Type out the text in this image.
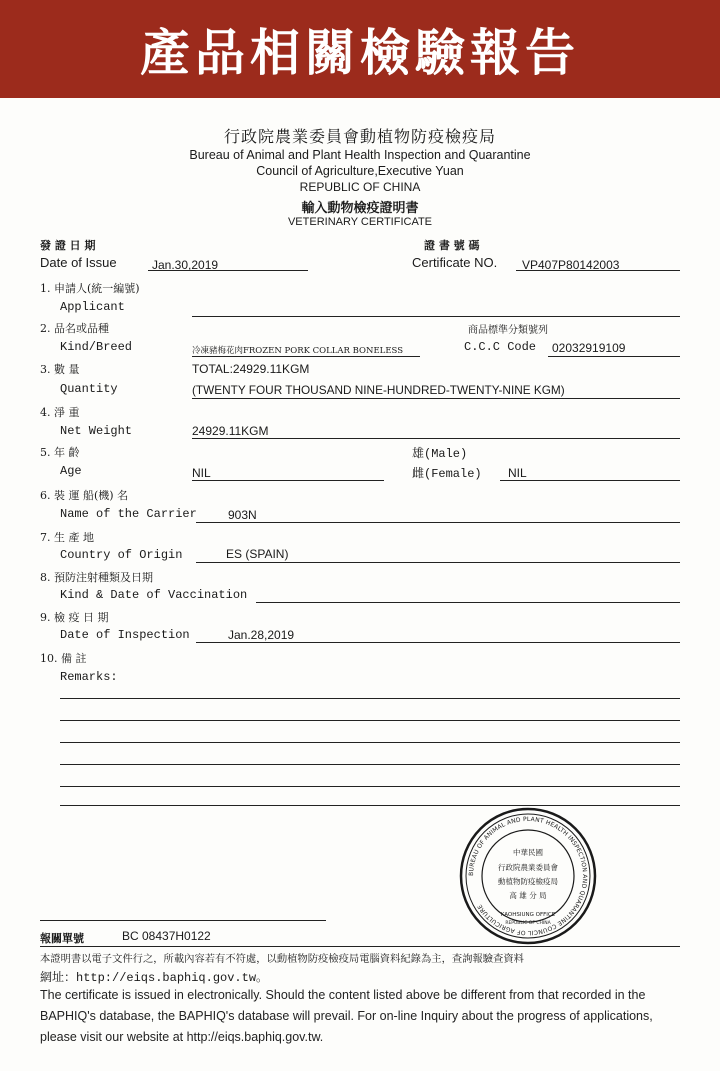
產品相關檢驗報告
行政院農業委員會動植物防疫檢疫局
Bureau of Animal and Plant Health Inspection and Quarantine
Council of Agriculture,Executive Yuan
REPUBLIC OF CHINA
輸入動物檢疫證明書
VETERINARY CERTIFICATE
發 證 日 期
Date of Issue	Jan.30,2019
證 書 號 碼
Certificate NO. VP407P80142003
1. 申請人(統一編號)
Applicant
2. 品名或品種
Kind/Breed	冷凍豬梅花肉FROZEN PORK COLLAR BONELESS
商品標準分類號列
C.C.C Code 02032919109
3. 數 量	TOTAL:24929.11KGM
Quantity	(TWENTY FOUR THOUSAND NINE-HUNDRED-TWENTY-NINE KGM)
4. 淨 重
Net Weight	24929.11KGM
5. 年 齡
Age	NIL
雄(Male)
雌(Female) NIL
6. 裝 運 船(機) 名
Name of the Carrier	903N
7. 生 產 地
Country of Origin	ES (SPAIN)
8. 預防注射種類及日期
Kind & Date of Vaccination
9. 檢 疫 日 期
Date of Inspection	Jan.28,2019
10. 備 註
Remarks:
BUREAU OF ANIMAL AND PLANT HEALTH INSPECTION AND QUARANTINE COUNCIL OF AGRICULTURE
中華民國
行政院農業委員會
動植物防疫檢疫局
高 雄 分 局
KAOHSIUNG OFFICE
REPUBLIC OF CHINA
報關單號	BC 08437H0122
本證明書以電子文件行之，所載內容若有不符處，以動植物防疫檢疫局電腦資料紀錄為主，查詢報驗查資料
網址：http://eiqs.baphiq.gov.tw。
The certificate is issued in electronically. Should the content listed above be different from that recorded in the BAPHIQ's database, the BAPHIQ's database will prevail. For on-line Inquiry about the progress of applications, please visit our website at http://eiqs.baphiq.gov.tw.
